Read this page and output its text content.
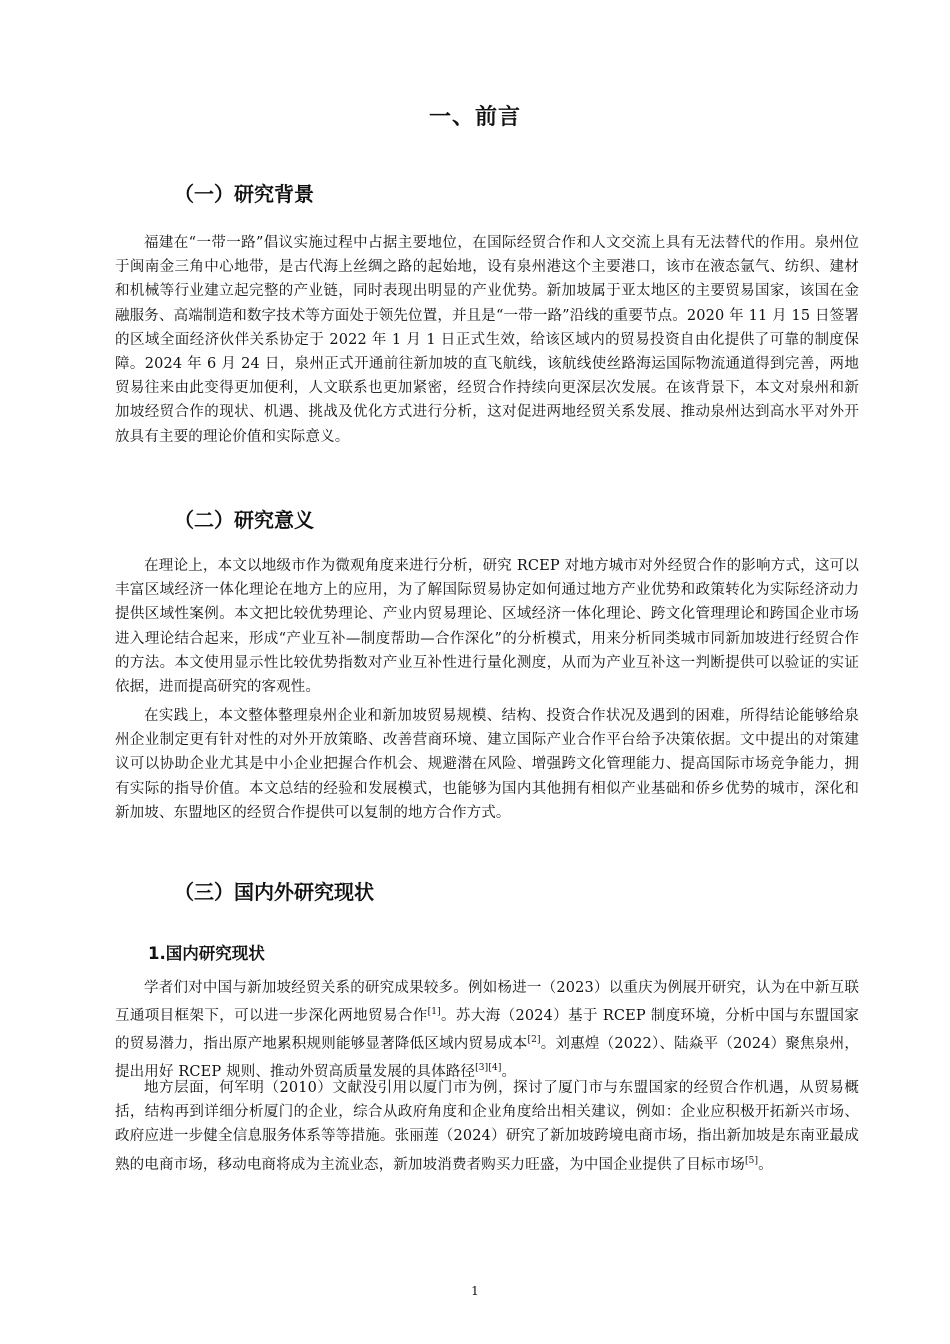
一、前言
（一）研究背景

福建在“一带一路”倡议实施过程中占据主要地位，在国际经贸合作和人文交流上具有无法替代的作用。泉州位于闽南金三角中心地带，是古代海上丝绸之路的起始地，设有泉州港这个主要港口，该市在液态氩气、纺织、建材和机械等行业建立起完整的产业链，同时表现出明显的产业优势。新加坡属于亚太地区的主要贸易国家，该国在金融服务、高端制造和数字技术等方面处于领先位置，并且是“一带一路”沿线的重要节点。2020 年 11 月 15 日签署的区域全面经济伙伴关系协定于 2022 年 1 月 1 日正式生效，给该区域内的贸易投资自由化提供了可靠的制度保障。2024 年 6 月 24 日，泉州正式开通前往新加坡的直飞航线，该航线使丝路海运国际物流通道得到完善，两地贸易往来由此变得更加便利，人文联系也更加紧密，经贸合作持续向更深层次发展。在该背景下，本文对泉州和新加坡经贸合作的现状、机遇、挑战及优化方式进行分析，这对促进两地经贸关系发展、推动泉州达到高水平对外开放具有主要的理论价值和实际意义。

（二）研究意义

在理论上，本文以地级市作为微观角度来进行分析，研究 RCEP 对地方城市对外经贸合作的影响方式，这可以丰富区域经济一体化理论在地方上的应用，为了解国际贸易协定如何通过地方产业优势和政策转化为实际经济动力提供区域性案例。本文把比较优势理论、产业内贸易理论、区域经济一体化理论、跨文化管理理论和跨国企业市场进入理论结合起来，形成“产业互补—制度帮助—合作深化”的分析模式，用来分析同类城市同新加坡进行经贸合作的方法。本文使用显示性比较优势指数对产业互补性进行量化测度，从而为产业互补这一判断提供可以验证的实证依据，进而提高研究的客观性。

在实践上，本文整体整理泉州企业和新加坡贸易规模、结构、投资合作状况及遇到的困难，所得结论能够给泉州企业制定更有针对性的对外开放策略、改善营商环境、建立国际产业合作平台给予决策依据。文中提出的对策建议可以协助企业尤其是中小企业把握合作机会、规避潜在风险、增强跨文化管理能力、提高国际市场竞争能力，拥有实际的指导价值。本文总结的经验和发展模式，也能够为国内其他拥有相似产业基础和侨乡优势的城市，深化和新加坡、东盟地区的经贸合作提供可以复制的地方合作方式。

（三）国内外研究现状
1.国内研究现状

学者们对中国与新加坡经贸关系的研究成果较多。例如杨进一（2023）以重庆为例展开研究，认为在中新互联互通项目框架下，可以进一步深化两地贸易合作[1]。苏大海（2024）基于 RCEP 制度环境，分析中国与东盟国家的贸易潜力，指出原产地累积规则能够显著降低区域内贸易成本[2]。刘惠煌（2022）、陆焱平（2024）聚焦泉州，提出用好 RCEP 规则、推动外贸高质量发展的具体路径[3][4]。

地方层面，何军明（2010）文献没引用以厦门市为例，探讨了厦门市与东盟国家的经贸合作机遇，从贸易概括，结构再到详细分析厦门的企业，综合从政府角度和企业角度给出相关建议，例如：企业应积极开拓新兴市场、政府应进一步健全信息服务体系等等措施。张丽莲（2024）研究了新加坡跨境电商市场，指出新加坡是东南亚最成熟的电商市场，移动电商将成为主流业态，新加坡消费者购买力旺盛，为中国企业提供了目标市场[5]。

1
